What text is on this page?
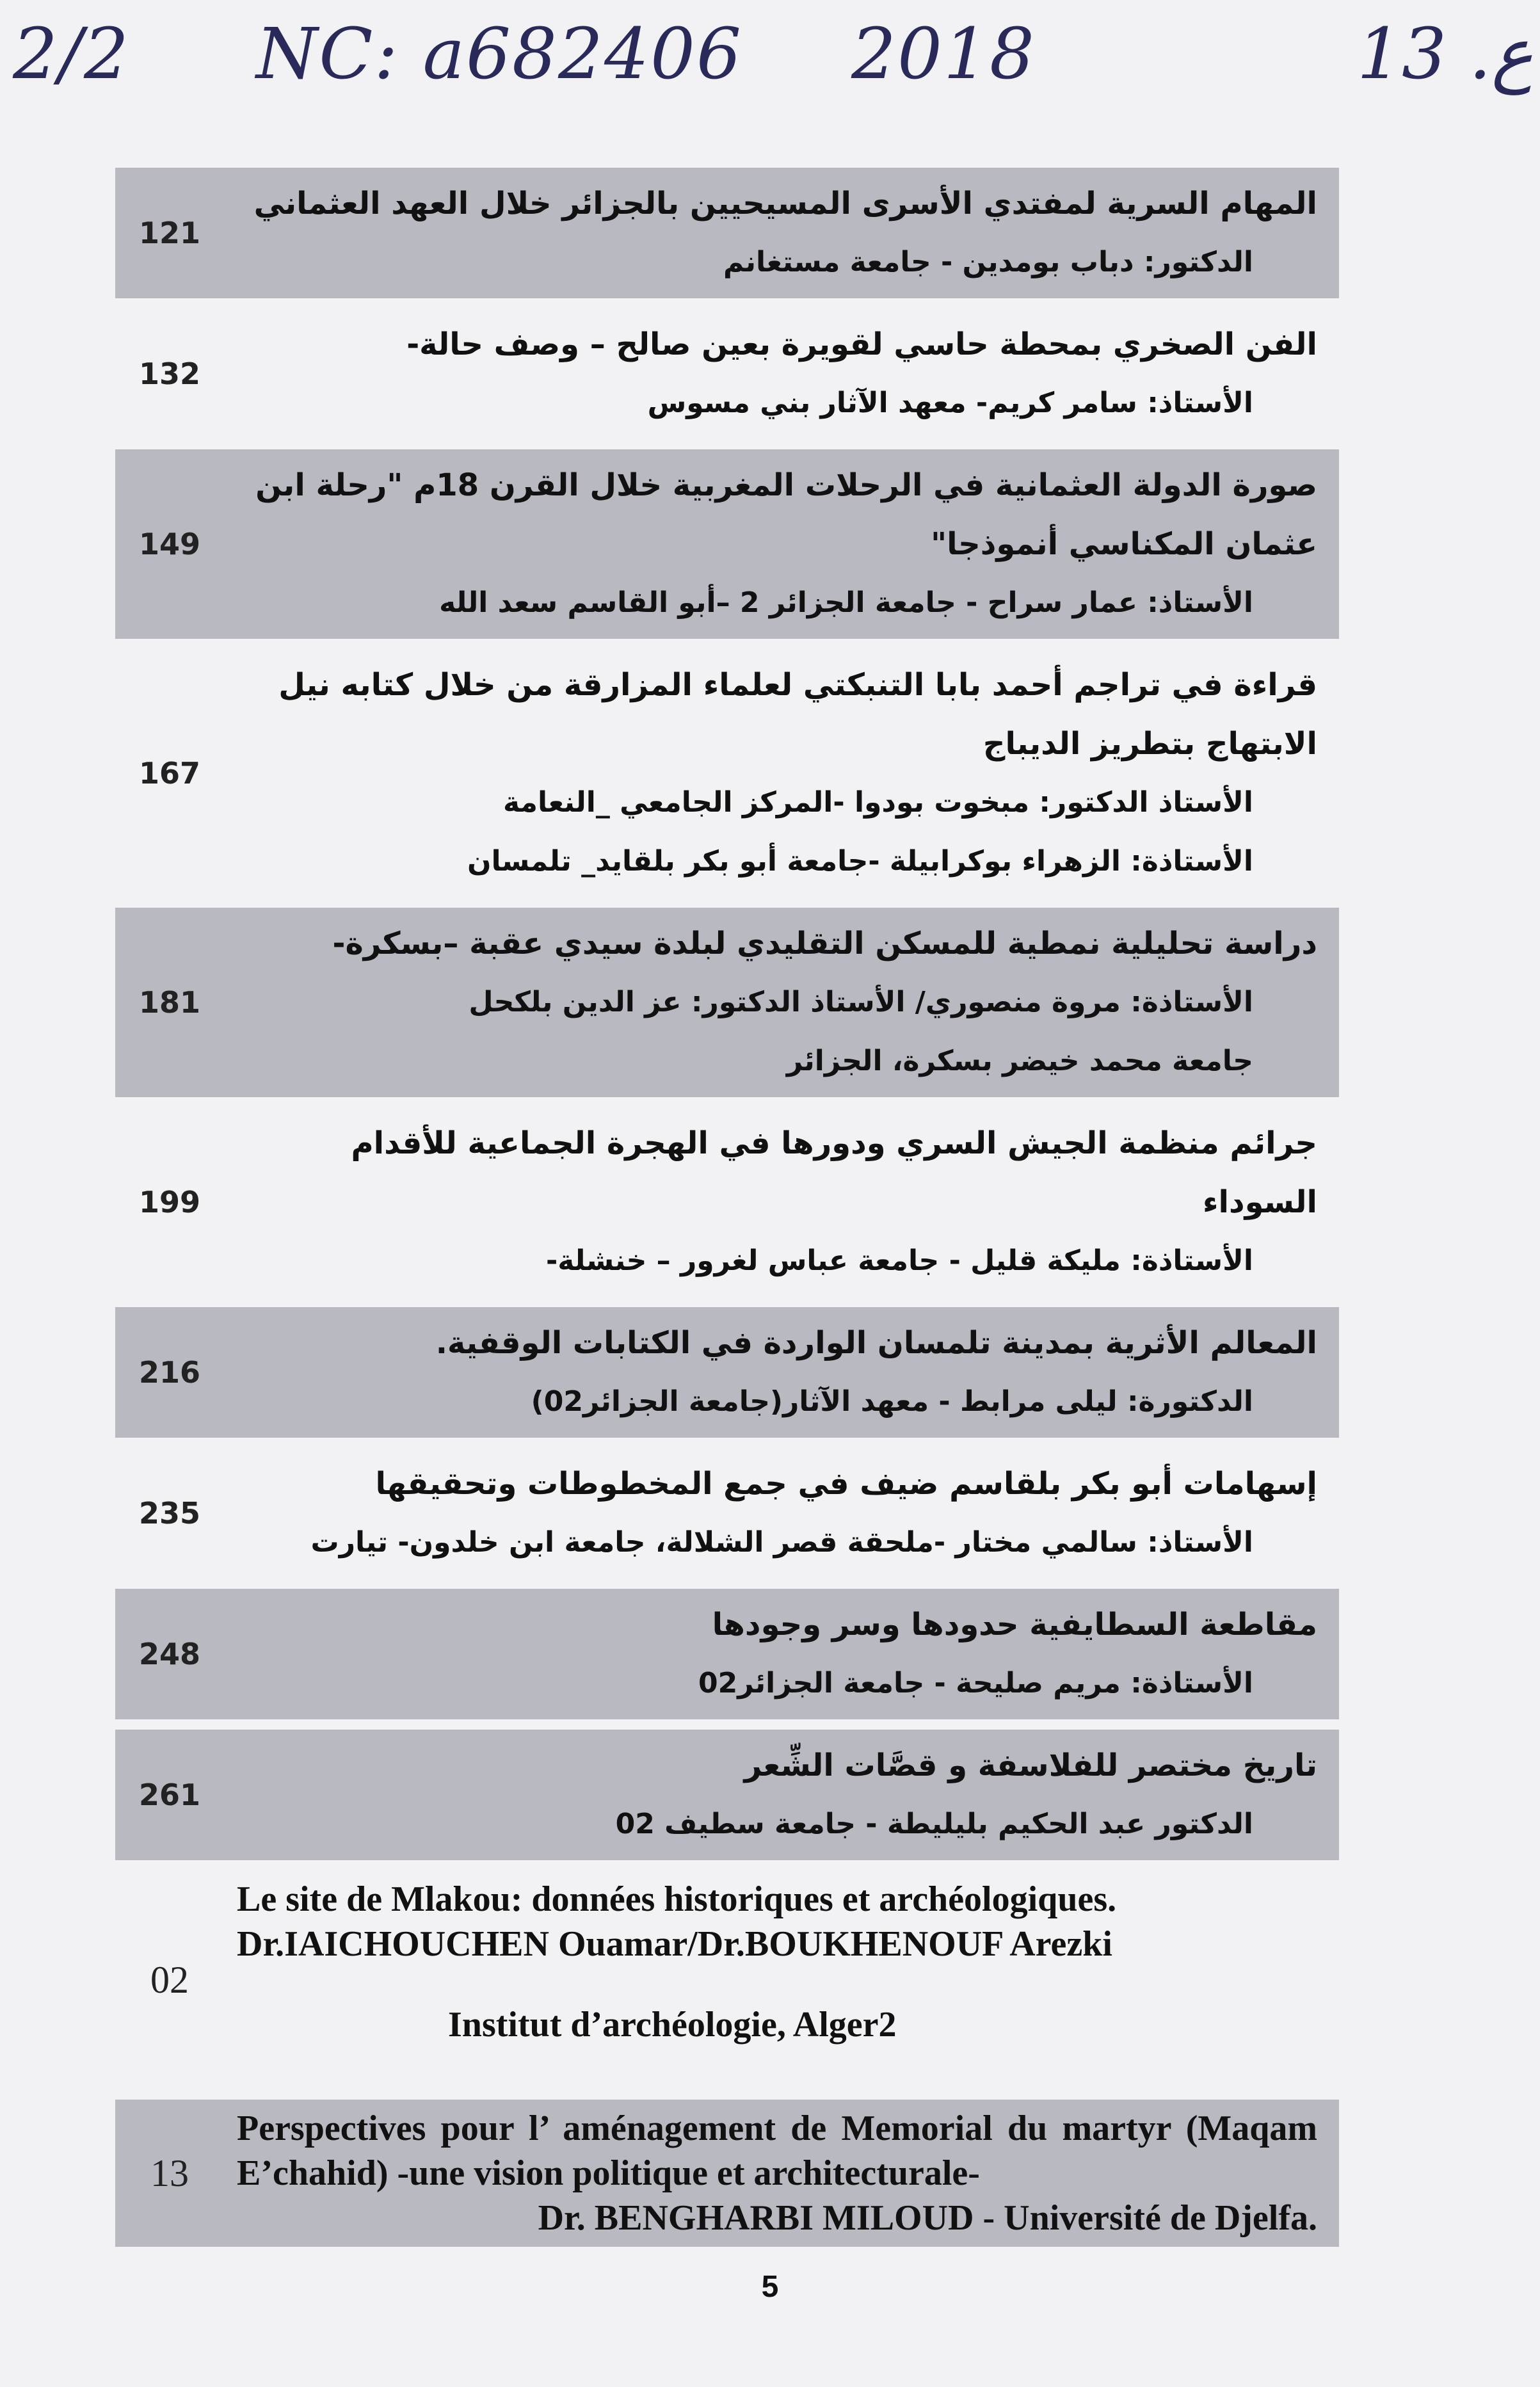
2/2 NC: a682406 2018	13 .ع
121

المهام السرية لمفتدي الأسرى المسيحيين بالجزائر خلال العهد العثماني

الدكتور: دباب بومدين - جامعة مستغانم

132

الفن الصخري بمحطة حاسي لقويرة بعين صالح – وصف حالة-

الأستاذ: سامر كريم- معهد الآثار بني مسوس

149

صورة الدولة العثمانية في الرحلات المغربية خلال القرن 18م "رحلة ابن عثمان المكناسي أنموذجا"

الأستاذ: عمار سراح - جامعة الجزائر 2 –أبو القاسم سعد الله

167

قراءة في تراجم أحمد بابا التنبكتي لعلماء المزارقة من خلال كتابه نيل الابتهاج بتطريز الديباج

الأستاذ الدكتور: مبخوت بودوا -المركز الجامعي _النعامة

الأستاذة: الزهراء بوكرابيلة -جامعة أبو بكر بلقايد_ تلمسان

181

دراسة تحليلية نمطية للمسكن التقليدي لبلدة سيدي عقبة –بسكرة-

الأستاذة: مروة منصوري/ الأستاذ الدكتور: عز الدين بلكحل

جامعة محمد خيضر بسكرة، الجزائر

199

جرائم منظمة الجيش السري ودورها في الهجرة الجماعية للأقدام السوداء

الأستاذة: مليكة قليل - جامعة عباس لغرور – خنشلة-

216

المعالم الأثرية بمدينة تلمسان الواردة في الكتابات الوقفية.

الدكتورة: ليلى مرابط - معهد الآثار(جامعة الجزائر02)

235

إسهامات أبو بكر بلقاسم ضيف في جمع المخطوطات وتحقيقها

الأستاذ: سالمي مختار -ملحقة قصر الشلالة، جامعة ابن خلدون- تيارت

248

مقاطعة السطايفية حدودها وسر وجودها

الأستاذة: مريم صليحة - جامعة الجزائر02

261

تاريخ مختصر للفلاسفة و قصَّات الشِّعر

الدكتور عبد الحكيم بليليطة - جامعة سطيف 02

02

Le site de Mlakou: données historiques et archéologiques.

Dr.IAICHOUCHEN Ouamar/Dr.BOUKHENOUF Arezki

Institut d’archéologie, Alger2

13

Perspectives pour l’ aménagement de Memorial du martyr (Maqam E’chahid) -une vision politique et architecturale-

Dr. BENGHARBI MILOUD - Université de Djelfa.

5
